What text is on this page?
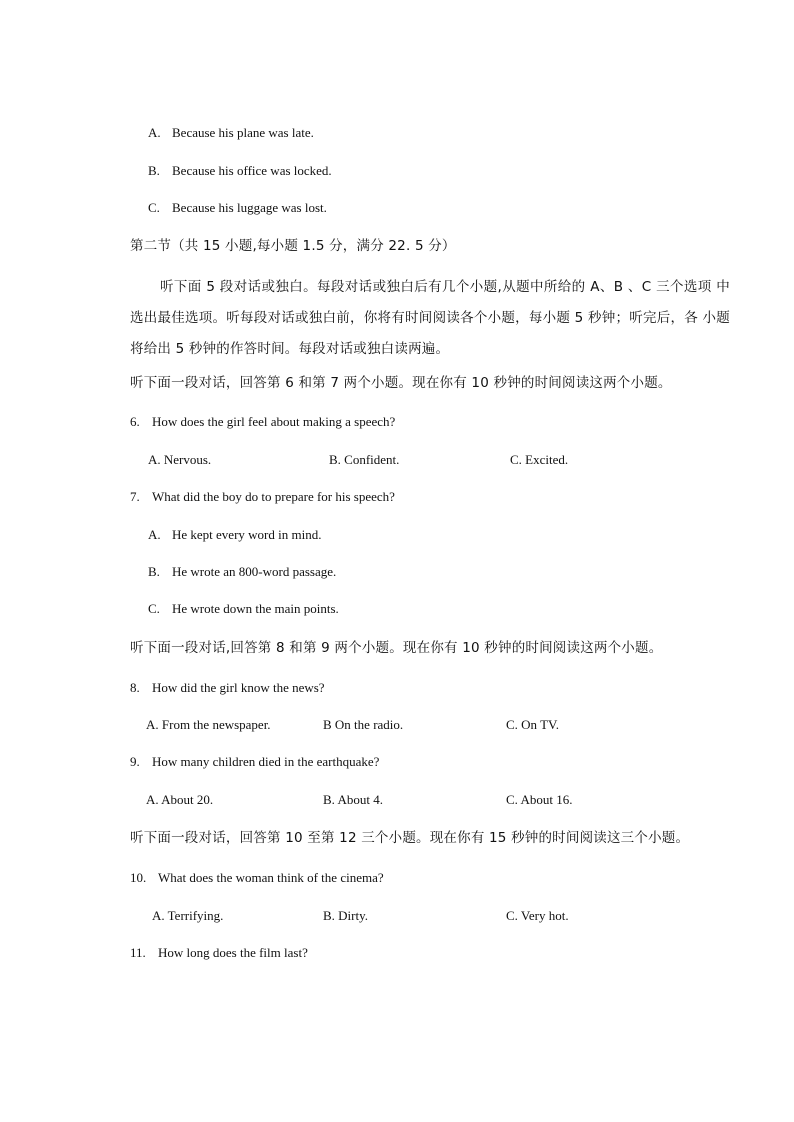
A. Because his plane was late.
B. Because his office was locked.
C. Because his luggage was lost.
第二节（共 15 小题,每小题 1.5 分，满分 22. 5 分）
听下面 5 段对话或独白。每段对话或独白后有几个小题,从题中所给的 A、B 、C 三个选项 中选出最佳选项。听每段对话或独白前，你将有时间阅读各个小题，每小题 5 秒钟；听完后，各 小题将给出 5 秒钟的作答时间。每段对话或独白读两遍。
听下面一段对话，回答第 6 和第 7 两个小题。现在你有 10 秒钟的时间阅读这两个小题。
6. How does the girl feel about making a speech?
A. Nervous.	B. Confident.	C. Excited.
7. What did the boy do to prepare for his speech?
A. He kept every word in mind.
B. He wrote an 800-word passage.
C. He wrote down the main points.
听下面一段对话,回答第 8 和第 9 两个小题。现在你有 10 秒钟的时间阅读这两个小题。
8. How did the girl know the news?
A. From the newspaper.	B On the radio.	C. On TV.
9. How many children died in the earthquake?
A. About 20.	B. About 4.	C. About 16.
听下面一段对话，回答第 10 至第 12 三个小题。现在你有 15 秒钟的时间阅读这三个小题。
10. What does the woman think of the cinema?
A. Terrifying.	B. Dirty.	C. Very hot.
11. How long does the film last?
